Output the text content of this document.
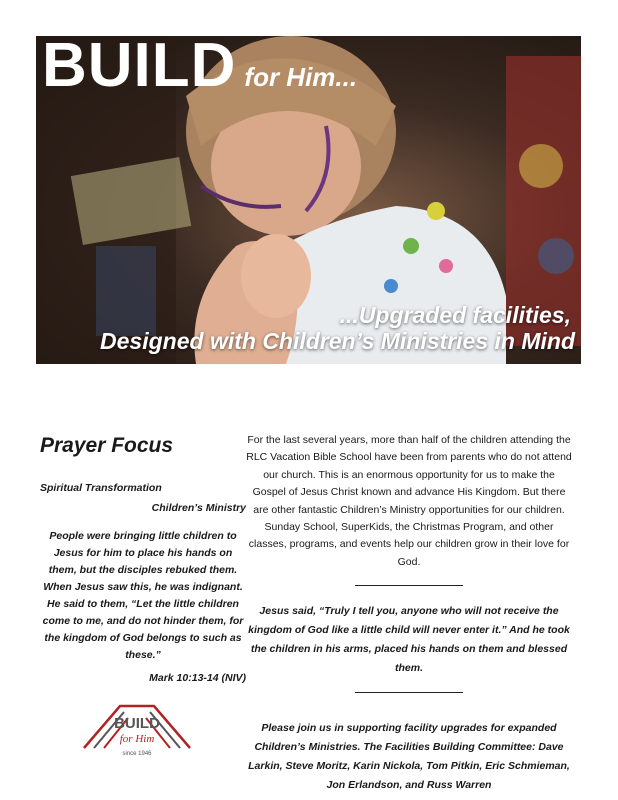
BUILD for Him...
...Upgraded facilities,
Designed with Children’s Ministries in Mind
Prayer Focus
Spiritual Transformation
Children’s Ministry
People were bringing little children to Jesus for him to place his hands on them, but the disciples rebuked them. When Jesus saw this, he was indignant. He said to them, “Let the little children come to me, and do not hinder them, for the kingdom of God belongs to such as these.”
Mark 10:13-14 (NIV)
BUILD
for Him
since 1946
For the last several years, more than half of the children attending the RLC Vacation Bible School have been from parents who do not attend our church. This is an enormous opportunity for us to make the Gospel of Jesus Christ known and advance His Kingdom. But there are other fantastic Children’s Ministry opportunities for our children. Sunday School, SuperKids, the Christmas Program, and other classes, programs, and events help our children grow in their love for God.
Jesus said, “Truly I tell you, anyone who will not receive the kingdom of God like a little child will never enter it.” And he took the children in his arms, placed his hands on them and blessed them.
Please join us in supporting facility upgrades for expanded Children’s Ministries. The Facilities Building Committee: Dave Larkin, Steve Moritz, Karin Nickola, Tom Pitkin, Eric Schmieman, Jon Erlandson, and Russ Warren
